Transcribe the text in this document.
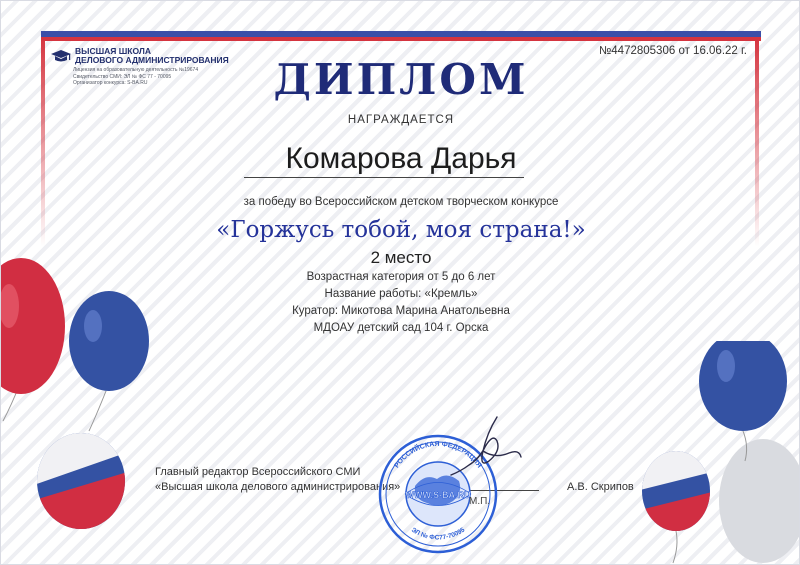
ВЫСШАЯ ШКОЛА
ДЕЛОВОГО АДМИНИСТРИРОВАНИЯ
Лицензия на образовательную деятельность №19674
Свидетельство СМИ: ЭЛ № ФС 77 - 70095
Организатор конкурса: S-BA.RU
№4472805306 от 16.06.22 г.
ДИПЛОМ
НАГРАЖДАЕТСЯ
Комарова Дарья
за победу во Всероссийском детском творческом конкурсе
«Горжусь тобой, моя страна!»
2 место
Возрастная категория от 5 до 6 лет
Название работы: «Кремль»
Куратор: Микотова Марина Анатольевна
МДОАУ детский сад 104 г. Орска
Главный редактор Всероссийского СМИ
«Высшая школа делового администрирования»
WWW.S-BA.RU
РОССИЙСКАЯ ФЕДЕРАЦИЯ
ЭЛ № ФС77-70095
М.П.
А.В. Скрипов
